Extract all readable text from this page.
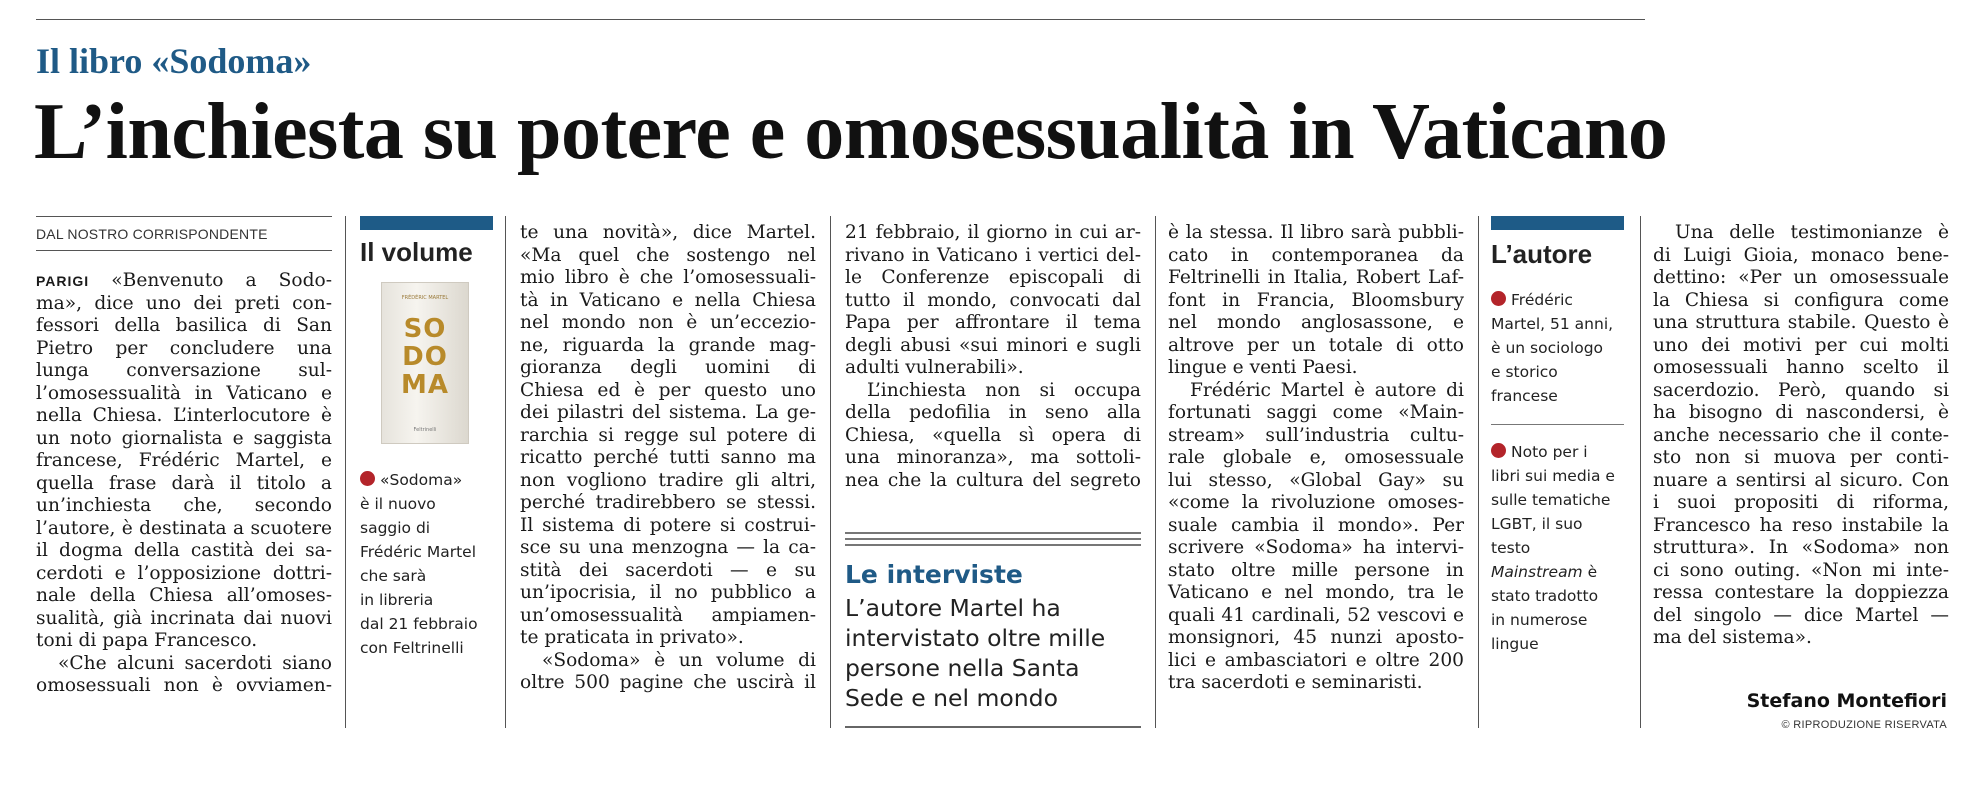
Il libro «Sodoma»
L’inchiesta su potere e omosessualità in Vaticano
DAL NOSTRO CORRISPONDENTE
PARIGI «Benvenuto a Sodo-
ma», dice uno dei preti con-
fessori della basilica di San
Pietro per concludere una
lunga conversazione sul-
l’omosessualità in Vaticano e
nella Chiesa. L’interlocutore è
un noto giornalista e saggista
francese, Frédéric Martel, e
quella frase darà il titolo a
un’inchiesta che, secondo
l’autore, è destinata a scuotere
il dogma della castità dei sa-
cerdoti e l’opposizione dottri-
nale della Chiesa all’omoses-
sualità, già incrinata dai nuovi
toni di papa Francesco.
«Che alcuni sacerdoti siano
omosessuali non è ovviamen-
Il volume
FRÉDÉRIC MARTEL
SO
DO
MA
Feltrinelli
«Sodoma»
è il nuovo
saggio di
Frédéric Martel
che sarà
in libreria
dal 21 febbraio
con Feltrinelli
te una novità», dice Martel.
«Ma quel che sostengo nel
mio libro è che l’omosessuali-
tà in Vaticano e nella Chiesa
nel mondo non è un’eccezio-
ne, riguarda la grande mag-
gioranza degli uomini di
Chiesa ed è per questo uno
dei pilastri del sistema. La ge-
rarchia si regge sul potere di
ricatto perché tutti sanno ma
non vogliono tradire gli altri,
perché tradirebbero se stessi.
Il sistema di potere si costrui-
sce su una menzogna — la ca-
stità dei sacerdoti — e su
un’ipocrisia, il no pubblico a
un’omosessualità ampiamen-
te praticata in privato».
«Sodoma» è un volume di
oltre 500 pagine che uscirà il
21 febbraio, il giorno in cui ar-
rivano in Vaticano i vertici del-
le Conferenze episcopali di
tutto il mondo, convocati dal
Papa per affrontare il tema
degli abusi «sui minori e sugli
adulti vulnerabili».
L’inchiesta non si occupa
della pedofilia in seno alla
Chiesa, «quella sì opera di
una minoranza», ma sottoli-
nea che la cultura del segreto
Le interviste
L’autore Martel ha
intervistato oltre mille
persone nella Santa
Sede e nel mondo
è la stessa. Il libro sarà pubbli-
cato in contemporanea da
Feltrinelli in Italia, Robert Laf-
font in Francia, Bloomsbury
nel mondo anglosassone, e
altrove per un totale di otto
lingue e venti Paesi.
Frédéric Martel è autore di
fortunati saggi come «Main-
stream» sull’industria cultu-
rale globale e, omosessuale
lui stesso, «Global Gay» su
«come la rivoluzione omoses-
suale cambia il mondo». Per
scrivere «Sodoma» ha intervi-
stato oltre mille persone in
Vaticano e nel mondo, tra le
quali 41 cardinali, 52 vescovi e
monsignori, 45 nunzi aposto-
lici e ambasciatori e oltre 200
tra sacerdoti e seminaristi.
L’autore
Frédéric
Martel, 51 anni,
è un sociologo
e storico
francese
Noto per i
libri sui media e
sulle tematiche
LGBT, il suo
testo
Mainstream è
stato tradotto
in numerose
lingue
Una delle testimonianze è
di Luigi Gioia, monaco bene-
dettino: «Per un omosessuale
la Chiesa si configura come
una struttura stabile. Questo è
uno dei motivi per cui molti
omosessuali hanno scelto il
sacerdozio. Però, quando si
ha bisogno di nascondersi, è
anche necessario che il conte-
sto non si muova per conti-
nuare a sentirsi al sicuro. Con
i suoi propositi di riforma,
Francesco ha reso instabile la
struttura». In «Sodoma» non
ci sono outing. «Non mi inte-
ressa contestare la doppiezza
del singolo — dice Martel —
ma del sistema».
Stefano Montefiori
© RIPRODUZIONE RISERVATA
